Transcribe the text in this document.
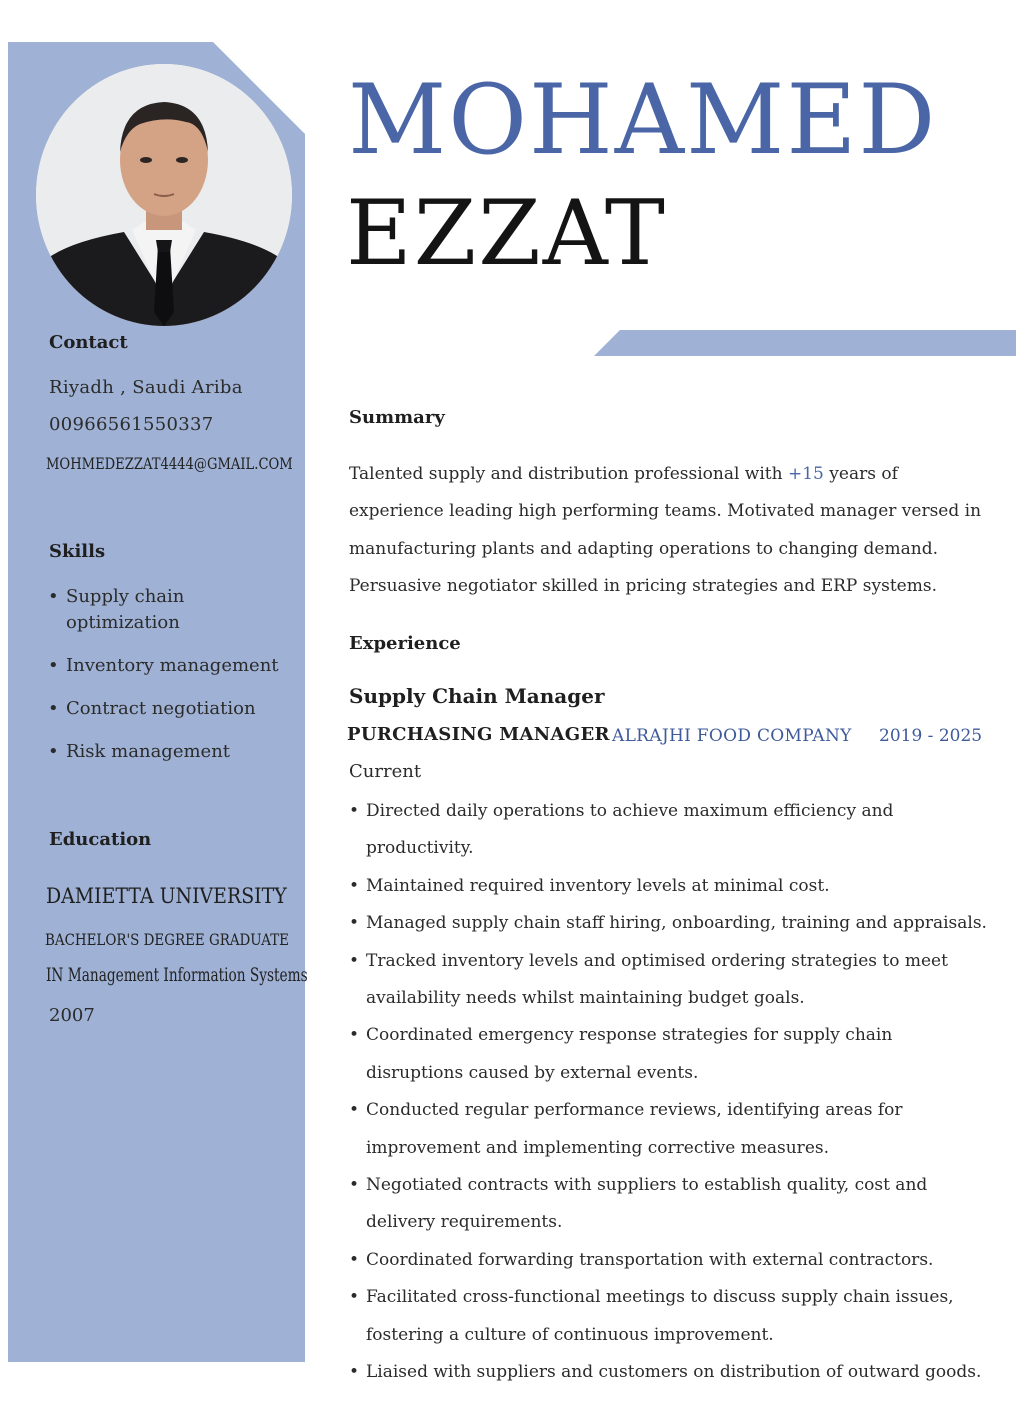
Contact
Riyadh , Saudi Ariba
00966561550337
MOHMEDEZZAT4444@GMAIL.COM
Skills
• Supply chain optimization
• Inventory management
• Contract negotiation
• Risk management
Education
DAMIETTA UNIVERSITY
BACHELOR'S DEGREE GRADUATE
IN Management Information Systems
2007
MOHAMED
EZZAT
Summary
Talented supply and distribution professional with +15 years of experience leading high performing teams. Motivated manager versed in manufacturing plants and adapting operations to changing demand. Persuasive negotiator skilled in pricing strategies and ERP systems.
Experience
Supply Chain Manager
PURCHASING MANAGER ALRAJHI FOOD COMPANY 2019 - 2025
Current
• Directed daily operations to achieve maximum efficiency and productivity.
• Maintained required inventory levels at minimal cost.
• Managed supply chain staff hiring, onboarding, training and appraisals.
• Tracked inventory levels and optimised ordering strategies to meet availability needs whilst maintaining budget goals.
• Coordinated emergency response strategies for supply chain disruptions caused by external events.
• Conducted regular performance reviews, identifying areas for improvement and implementing corrective measures.
• Negotiated contracts with suppliers to establish quality, cost and delivery requirements.
• Coordinated forwarding transportation with external contractors.
• Facilitated cross-functional meetings to discuss supply chain issues, fostering a culture of continuous improvement.
• Liaised with suppliers and customers on distribution of outward goods.
